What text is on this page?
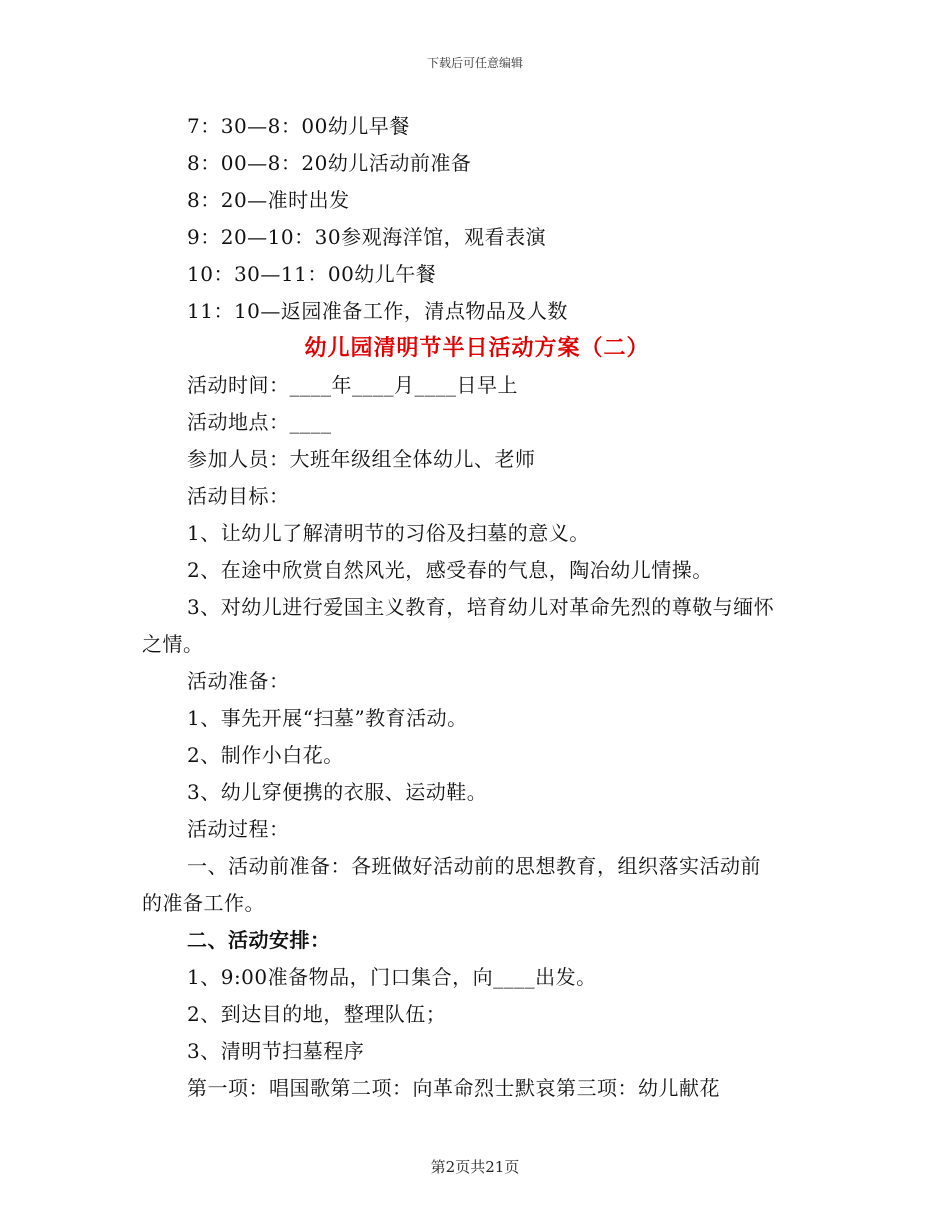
下载后可任意编辑
7：30—8：00幼儿早餐
8：00—8：20幼儿活动前准备
8：20—准时出发
9：20—10：30参观海洋馆，观看表演
10：30—11：00幼儿午餐
11：10—返园准备工作，清点物品及人数
幼儿园清明节半日活动方案（二）
活动时间：____年____月____日早上
活动地点：____
参加人员：大班年级组全体幼儿、老师
活动目标：
1、让幼儿了解清明节的习俗及扫墓的意义。
2、在途中欣赏自然风光，感受春的气息，陶冶幼儿情操。
3、对幼儿进行爱国主义教育，培育幼儿对革命先烈的尊敬与缅怀
之情。
活动准备：
1、事先开展“扫墓”教育活动。
2、制作小白花。
3、幼儿穿便携的衣服、运动鞋。
活动过程：
一、活动前准备：各班做好活动前的思想教育，组织落实活动前
的准备工作。
二、活动安排：
1、9:00准备物品，门口集合，向____出发。
2、到达目的地，整理队伍；
3、清明节扫墓程序
第一项：唱国歌第二项：向革命烈士默哀第三项：幼儿献花
第2页共21页
